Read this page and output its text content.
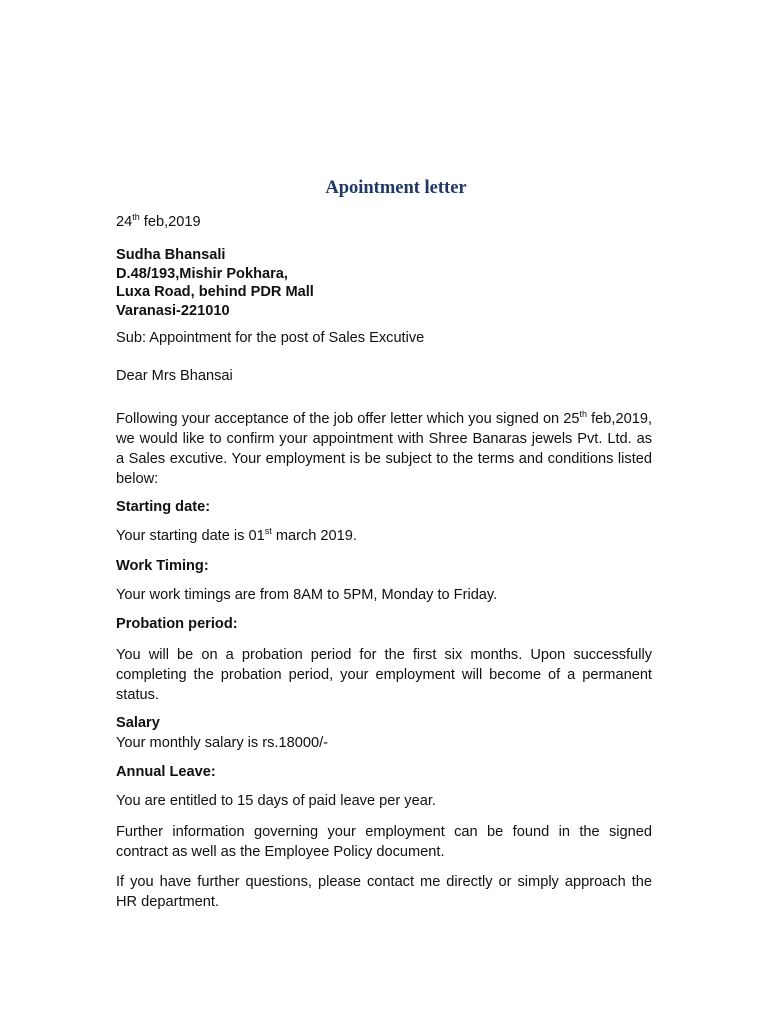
Apointment letter
24th feb,2019
Sudha Bhansali
D.48/193,Mishir Pokhara,
Luxa Road, behind PDR Mall
Varanasi-221010
Sub: Appointment for the post of Sales Excutive
Dear Mrs Bhansai
Following your acceptance of the job offer letter which you signed on 25th feb,2019, we would like to confirm your appointment with Shree Banaras jewels Pvt. Ltd. as a Sales excutive. Your employment is be subject to the terms and conditions listed below:
Starting date:
Your starting date is 01st march 2019.
Work Timing:
Your work timings are from 8AM to 5PM, Monday to Friday.
Probation period:
You will be on a probation period for the first six months. Upon successfully completing the probation period, your employment will become of a permanent status.
Salary
Your monthly salary is rs.18000/-
Annual Leave:
You are entitled to 15 days of paid leave per year.
Further information governing your employment can be found in the signed contract as well as the Employee Policy document.
If you have further questions, please contact me directly or simply approach the HR department.
